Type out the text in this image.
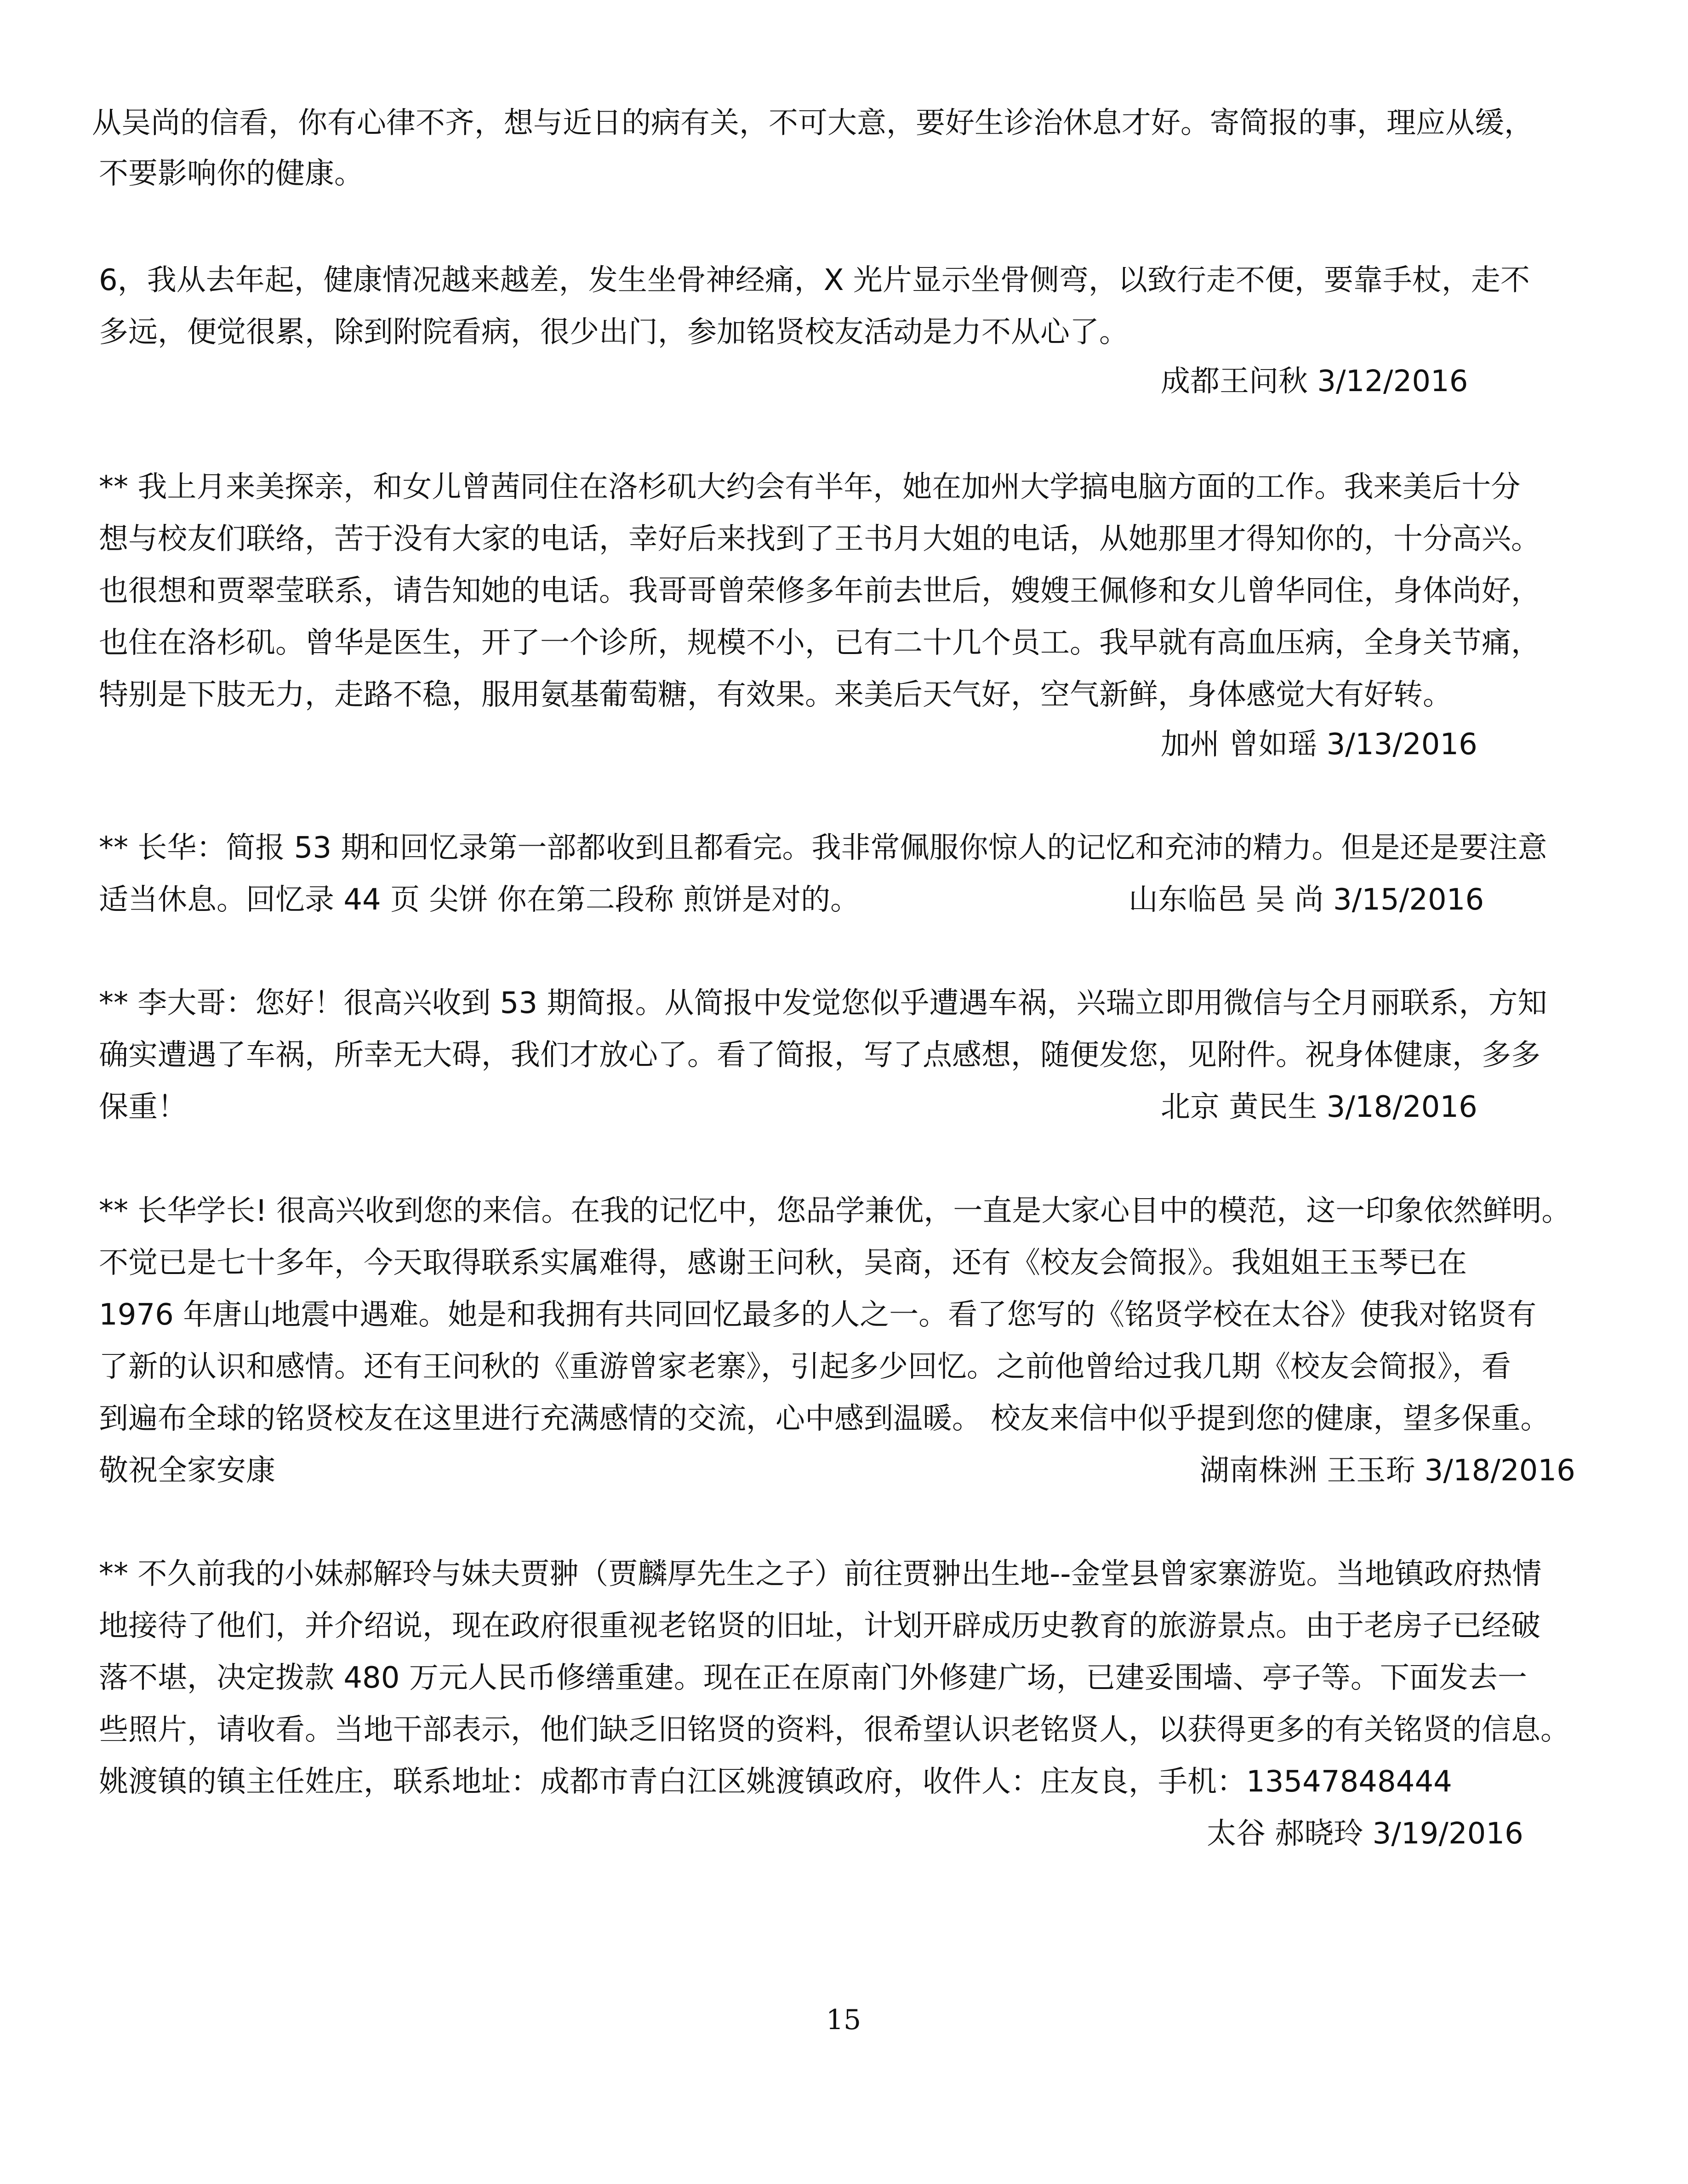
从吴尚的信看，你有心律不齐，想与近日的病有关，不可大意，要好生诊治休息才好。寄简报的事，理应从缓，
不要影响你的健康。
6，我从去年起，健康情况越来越差，发生坐骨神经痛，X 光片显示坐骨侧弯，以致行走不便，要靠手杖，走不
多远，便觉很累，除到附院看病，很少出门，参加铭贤校友活动是力不从心了。
成都王问秋 3/12/2016
** 我上月来美探亲，和女儿曾茜同住在洛杉矶大约会有半年，她在加州大学搞电脑方面的工作。我来美后十分
想与校友们联络，苦于没有大家的电话，幸好后来找到了王书月大姐的电话，从她那里才得知你的，十分高兴。
也很想和贾翠莹联系，请告知她的电话。我哥哥曾荣修多年前去世后，嫂嫂王佩修和女儿曾华同住，身体尚好，
也住在洛杉矶。曾华是医生，开了一个诊所，规模不小，已有二十几个员工。我早就有高血压病，全身关节痛，
特别是下肢无力，走路不稳，服用氨基葡萄糖，有效果。来美后天气好，空气新鲜，身体感觉大有好转。
加州 曾如瑶 3/13/2016
** 长华：简报 53 期和回忆录第一部都收到且都看完。我非常佩服你惊人的记忆和充沛的精力。但是还是要注意
适当休息。回忆录 44 页 尖饼 你在第二段称 煎饼是对的。	山东临邑 吴 尚 3/15/2016
** 李大哥：您好！很高兴收到 53 期简报。从简报中发觉您似乎遭遇车祸，兴瑞立即用微信与仝月丽联系，方知
确实遭遇了车祸，所幸无大碍，我们才放心了。看了简报，写了点感想，随便发您，见附件。祝身体健康，多多
保重！	北京 黄民生 3/18/2016
** 长华学长! 很高兴收到您的来信。在我的记忆中，您品学兼优，一直是大家心目中的模范，这一印象依然鲜明。
不觉已是七十多年，今天取得联系实属难得，感谢王问秋，吴商，还有《校友会简报》。我姐姐王玉琴已在
1976 年唐山地震中遇难。她是和我拥有共同回忆最多的人之一。看了您写的《铭贤学校在太谷》使我对铭贤有
了新的认识和感情。还有王问秋的《重游曾家老寨》，引起多少回忆。之前他曾给过我几期《校友会简报》，看
到遍布全球的铭贤校友在这里进行充满感情的交流，心中感到温暖。 校友来信中似乎提到您的健康，望多保重。
敬祝全家安康	湖南株洲 王玉珩 3/18/2016
** 不久前我的小妹郝解玲与妹夫贾翀（贾麟厚先生之子）前往贾翀出生地--金堂县曾家寨游览。当地镇政府热情
地接待了他们，并介绍说，现在政府很重视老铭贤的旧址，计划开辟成历史教育的旅游景点。由于老房子已经破
落不堪，决定拨款 480 万元人民币修缮重建。现在正在原南门外修建广场，已建妥围墙、亭子等。下面发去一
些照片，请收看。当地干部表示，他们缺乏旧铭贤的资料，很希望认识老铭贤人，以获得更多的有关铭贤的信息。
姚渡镇的镇主任姓庄，联系地址：成都市青白江区姚渡镇政府，收件人：庄友良，手机：13547848444
太谷 郝晓玲 3/19/2016
15
